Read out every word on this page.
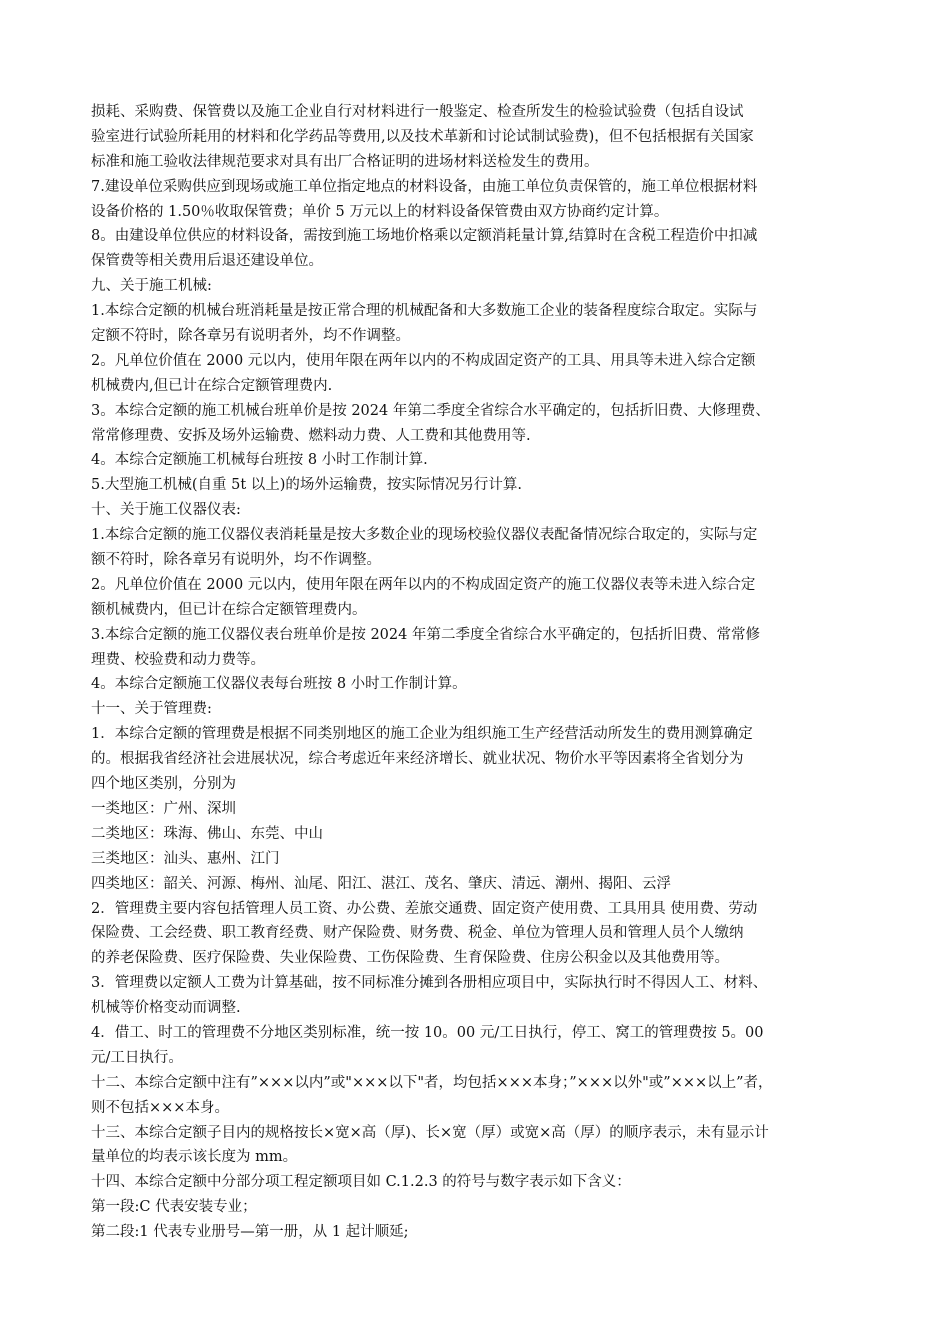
损耗、采购费、保管费以及施工企业自行对材料进行一般鉴定、检查所发生的检验试验费（包括自设试
验室进行试验所耗用的材料和化学药品等费用,以及技术革新和讨论试制试验费)，但不包括根据有关国家
标准和施工验收法律规范要求对具有出厂合格证明的进场材料送检发生的费用。
7.建设单位采购供应到现场或施工单位指定地点的材料设备，由施工单位负责保管的，施工单位根据材料
设备价格的 1.50％收取保管费；单价 5 万元以上的材料设备保管费由双方协商约定计算。
8。由建设单位供应的材料设备，需按到施工场地价格乘以定额消耗量计算,结算时在含税工程造价中扣减
保管费等相关费用后退还建设单位。
九、关于施工机械:
1.本综合定额的机械台班消耗量是按正常合理的机械配备和大多数施工企业的装备程度综合取定。实际与
定额不符时，除各章另有说明者外，均不作调整。
2。凡单位价值在 2000 元以内，使用年限在两年以内的不构成固定资产的工具、用具等未进入综合定额
机械费内,但已计在综合定额管理费内.
3。本综合定额的施工机械台班单价是按 2024 年第二季度全省综合水平确定的，包括折旧费、大修理费、
常常修理费、安拆及场外运输费、燃料动力费、人工费和其他费用等.
4。本综合定额施工机械每台班按 8 小时工作制计算.
5.大型施工机械(自重 5t 以上)的场外运输费，按实际情况另行计算.
十、关于施工仪器仪表:
1.本综合定额的施工仪器仪表消耗量是按大多数企业的现场校验仪器仪表配备情况综合取定的，实际与定
额不符时，除各章另有说明外，均不作调整。
2。凡单位价值在 2000 元以内，使用年限在两年以内的不构成固定资产的施工仪器仪表等未进入综合定
额机械费内，但已计在综合定额管理费内。
3.本综合定额的施工仪器仪表台班单价是按 2024 年第二季度全省综合水平确定的，包括折旧费、常常修
理费、校验费和动力费等。
4。本综合定额施工仪器仪表每台班按 8 小时工作制计算。
十一、关于管理费:
1．本综合定额的管理费是根据不同类别地区的施工企业为组织施工生产经营活动所发生的费用测算确定
的。根据我省经济社会进展状况，综合考虑近年来经济增长、就业状况、物价水平等因素将全省划分为
四个地区类别，分别为
一类地区：广州、深圳
二类地区：珠海、佛山、东莞、中山
三类地区：汕头、惠州、江门
四类地区：韶关、河源、梅州、汕尾、阳江、湛江、茂名、肇庆、清远、潮州、揭阳、云浮
2．管理费主要内容包括管理人员工资、办公费、差旅交通费、固定资产使用费、工具用具 使用费、劳动
保险费、工会经费、职工教育经费、财产保险费、财务费、税金、单位为管理人员和管理人员个人缴纳
的养老保险费、医疗保险费、失业保险费、工伤保险费、生育保险费、住房公积金以及其他费用等。
3．管理费以定额人工费为计算基础，按不同标准分摊到各册相应项目中，实际执行时不得因人工、材料、
机械等价格变动而调整.
4．借工、时工的管理费不分地区类别标准，统一按 10。00 元/工日执行，停工、窝工的管理费按 5。00
元/工日执行。
十二、本综合定额中注有”×××以内”或"×××以下"者，均包括×××本身；”×××以外"或”×××以上”者，
则不包括×××本身。
十三、本综合定额子目内的规格按长×宽×高（厚)、长×宽（厚）或宽×高（厚）的顺序表示，未有显示计
量单位的均表示该长度为 mm。
十四、本综合定额中分部分项工程定额项目如 C.1.2.3 的符号与数字表示如下含义：
第一段:C 代表安装专业；
第二段:1 代表专业册号—第一册，从 1 起计顺延;
